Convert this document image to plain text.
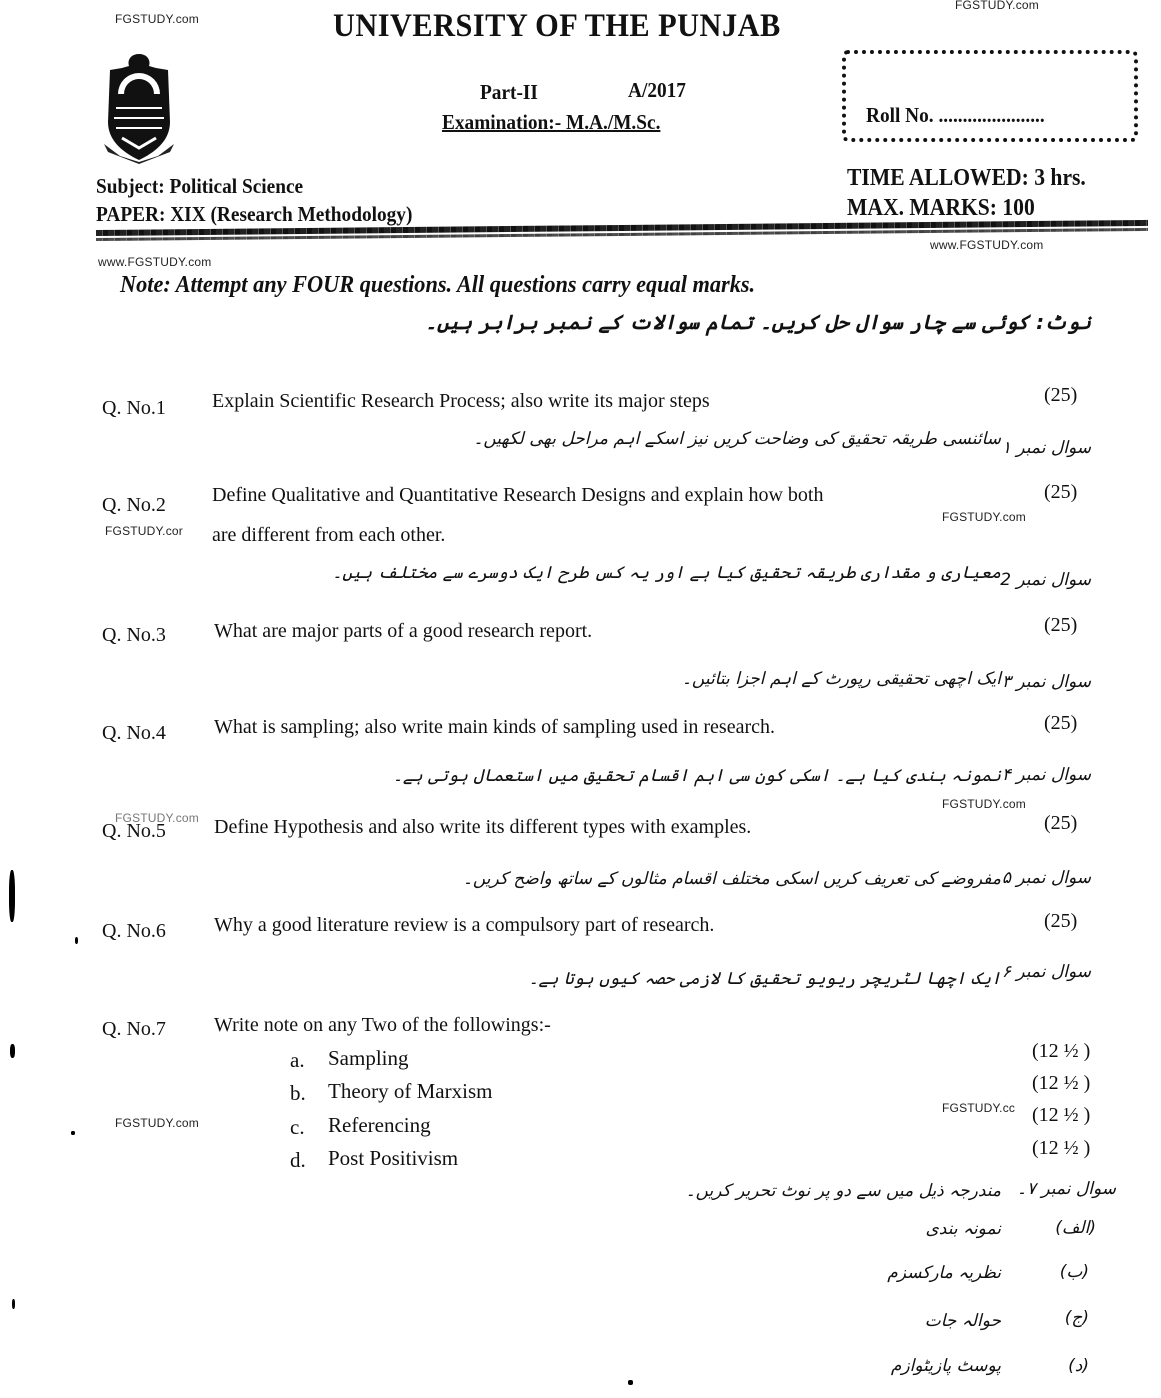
FGSTUDY.com
FGSTUDY.com
www.FGSTUDY.com
www.FGSTUDY.com
FGSTUDY.cor
FGSTUDY.com
FGSTUDY.com
FGSTUDY.com
FGSTUDY.com
FGSTUDY.cc
UNIVERSITY OF THE PUNJAB
Part-II	A/2017
Examination:- M.A./M.Sc.	Roll No. ......................
Subject: Political Science
PAPER: XIX (Research Methodology)
TIME ALLOWED: 3 hrs.
MAX. MARKS: 100
Note: Attempt any FOUR questions. All questions carry equal marks.
نوٹ: کوئی سے چار سوال حل کریں۔ تمام سوالات کے نمبر برابر ہیں۔
Q. No.1 Explain Scientific Research Process; also write its major steps	(25)
سوال نمبر ۱
سائنسی طریقہ تحقیق کی وضاحت کریں نیز اسکے اہم مراحل بھی لکھیں۔
Q. No.2 Define Qualitative and Quantitative Research Designs and explain how both
are different from each other.
(25)
سوال نمبر 2
معیاری و مقداری طریقہ تحقیق کیا ہے اور یہ کس طرح ایک دوسرے سے مختلف ہیں۔
Q. No.3 What are major parts of a good research report.	(25)
سوال نمبر ۳
ایک اچھی تحقیقی رپورٹ کے اہم اجزا بتائیں۔
Q. No.4 What is sampling; also write main kinds of sampling used in research.	(25)
سوال نمبر ۴
نمونہ بندی کیا ہے۔ اسکی کون سی اہم اقسام تحقیق میں استعمال ہوتی ہے۔
Q. No.5 Define Hypothesis and also write its different types with examples.	(25)
سوال نمبر ۵
مفروضے کی تعریف کریں اسکی مختلف اقسام مثالوں کے ساتھ واضح کریں۔
Q. No.6 Why a good literature review is a compulsory part of research.	(25)
سوال نمبر ۶
ایک اچھا لٹریچر ریویو تحقیق کا لازمی حصہ کیوں ہوتا ہے۔
Q. No.7 Write note on any Two of the followings:-
a. Sampling	(12 ½ )
b. Theory of Marxism	(12 ½ )
c. Referencing	(12 ½ )
d. Post Positivism	(12 ½ )
سوال نمبر ۷۔
مندرجہ ذیل میں سے دو پر نوٹ تحریر کریں۔
(الف)
نمونہ بندی
(ب)
نظریہ مارکسزم
(ج)
حوالہ جات
(د)
پوسٹ پازیٹوازم
